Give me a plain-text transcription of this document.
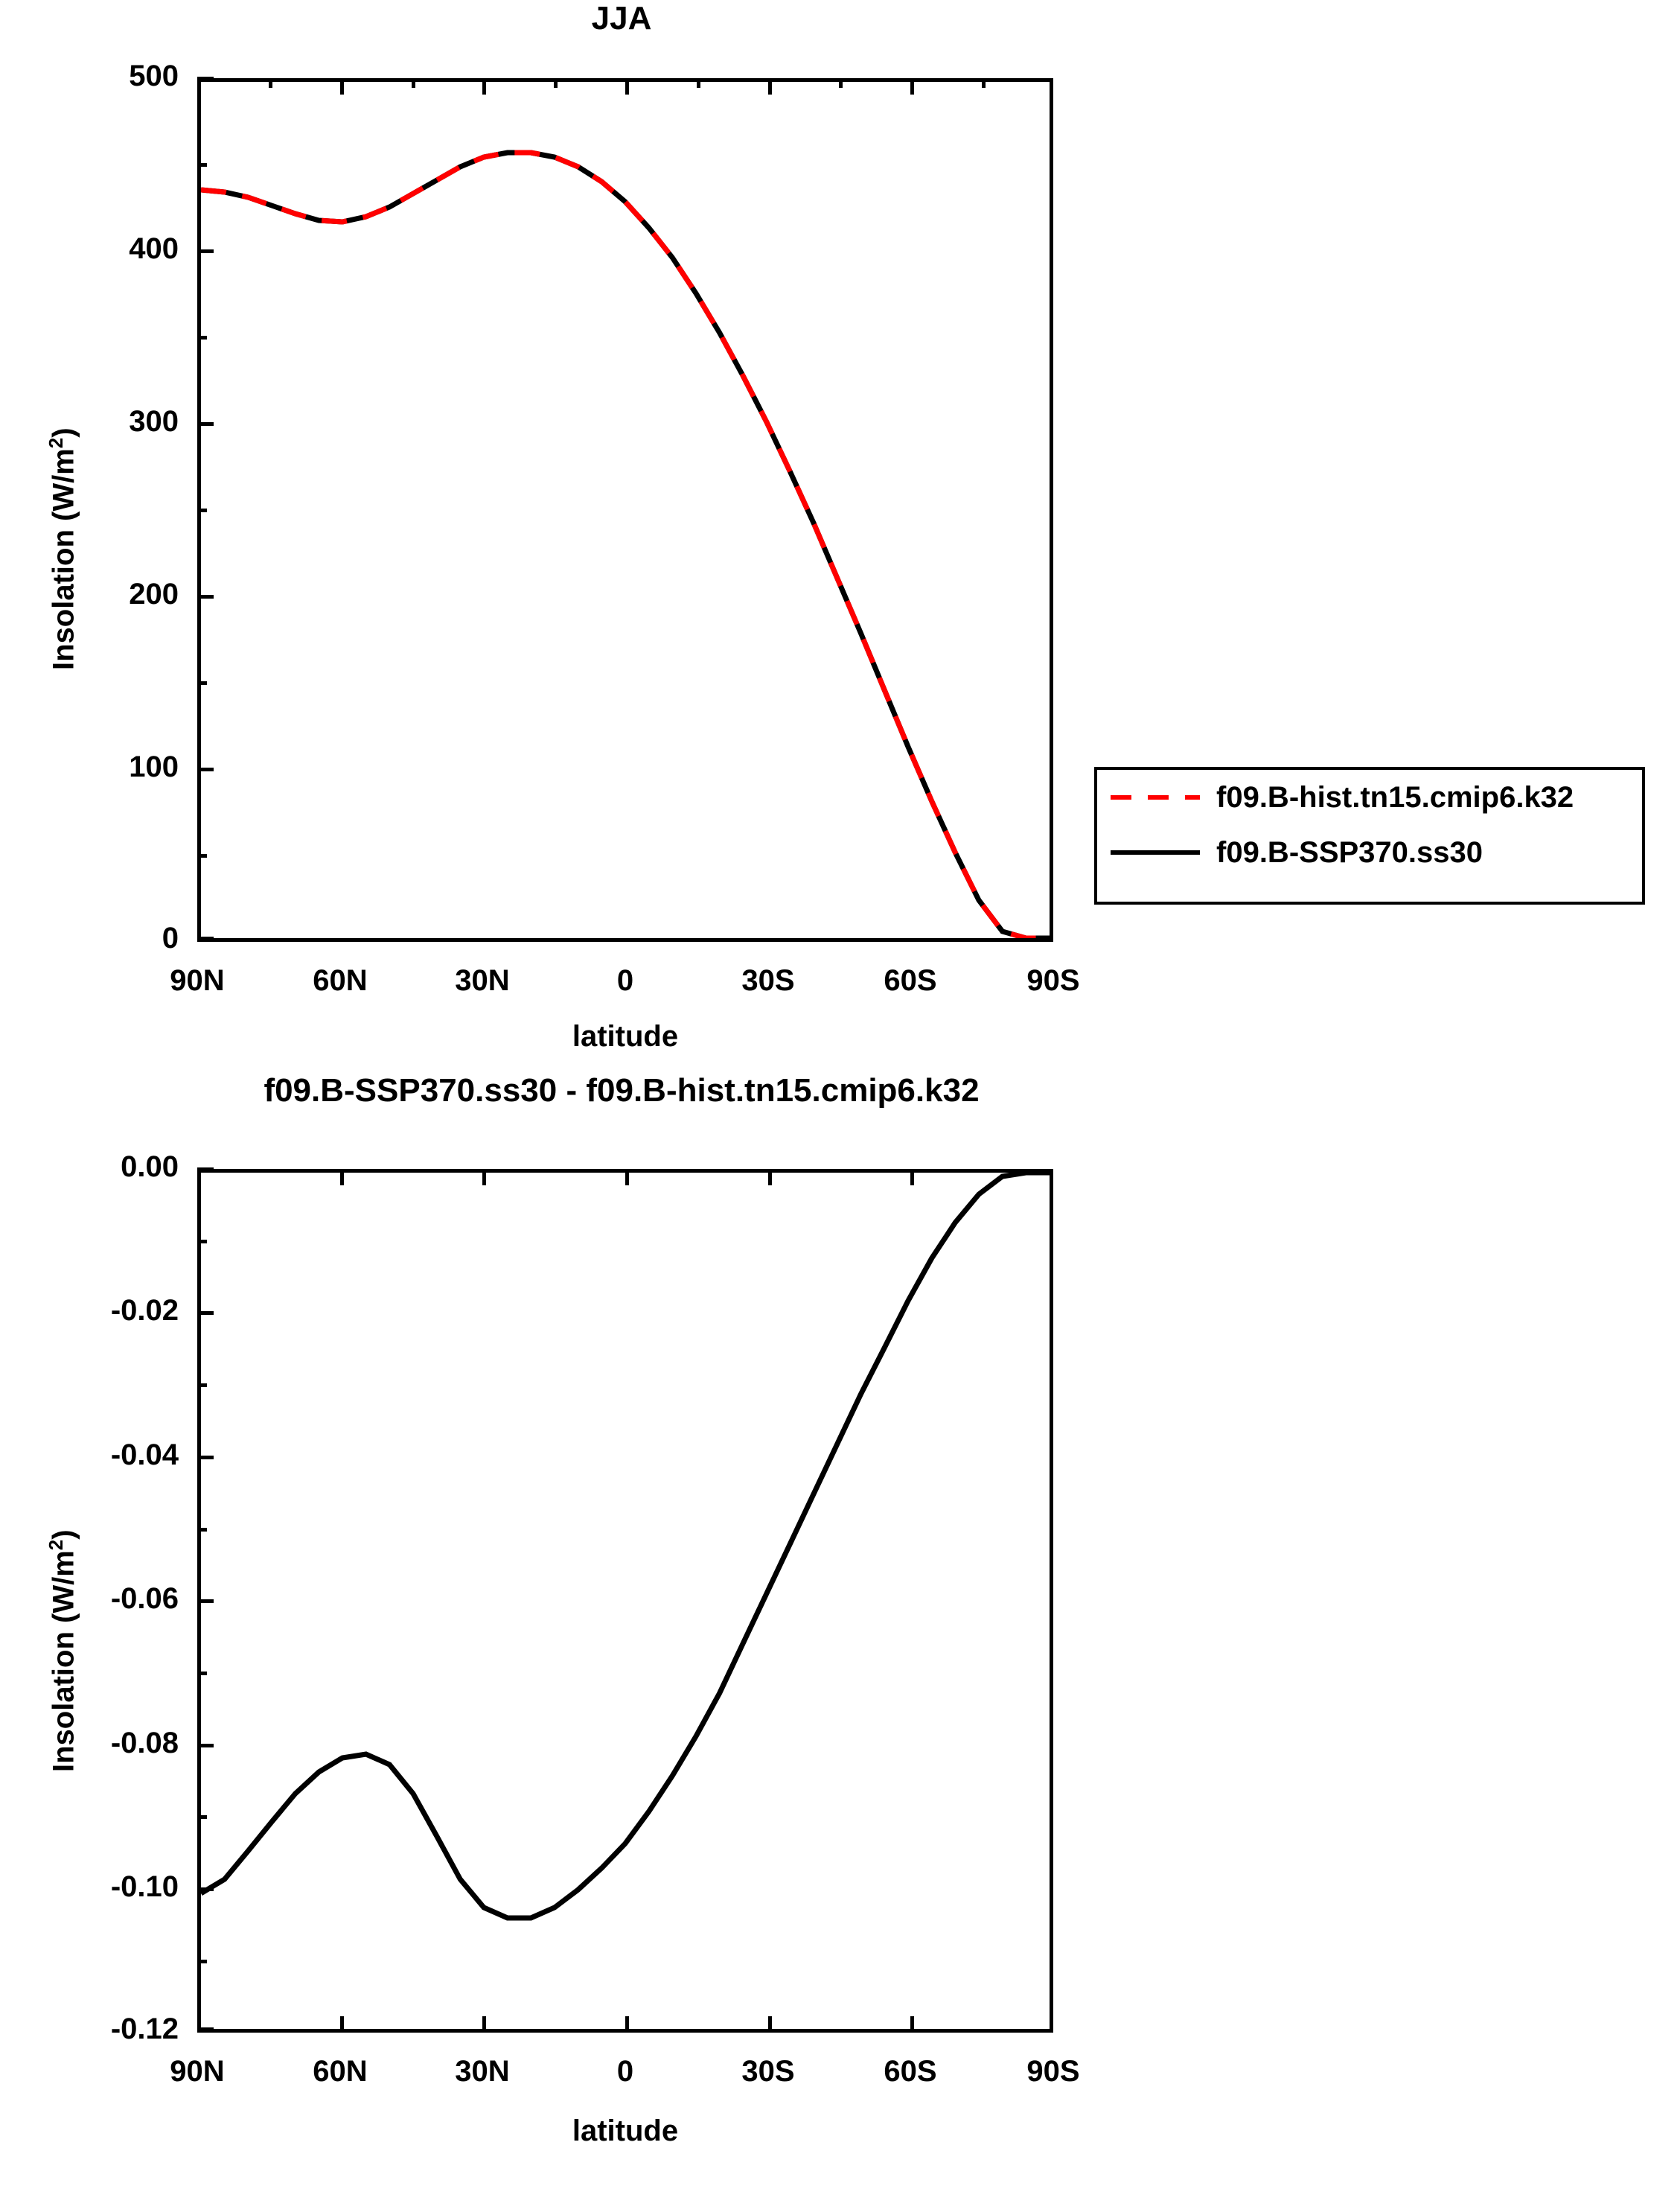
JJA
Insolation $(W/m^2)$
500
400
300
200
100
0
90N	60N	30N	0	30S	60S	90S
latitude
f09.B-hist.tn15.cmip6.k32
f09.B-SSP370.ss30
f09.B-SSP370.ss30 - f09.B-hist.tn15.cmip6.k32
Insolation $(W/m^2)$
0.00
-0.02
-0.04
-0.06
-0.08
-0.10
-0.12
90N	60N	30N	0	30S	60S	90S
latitude
